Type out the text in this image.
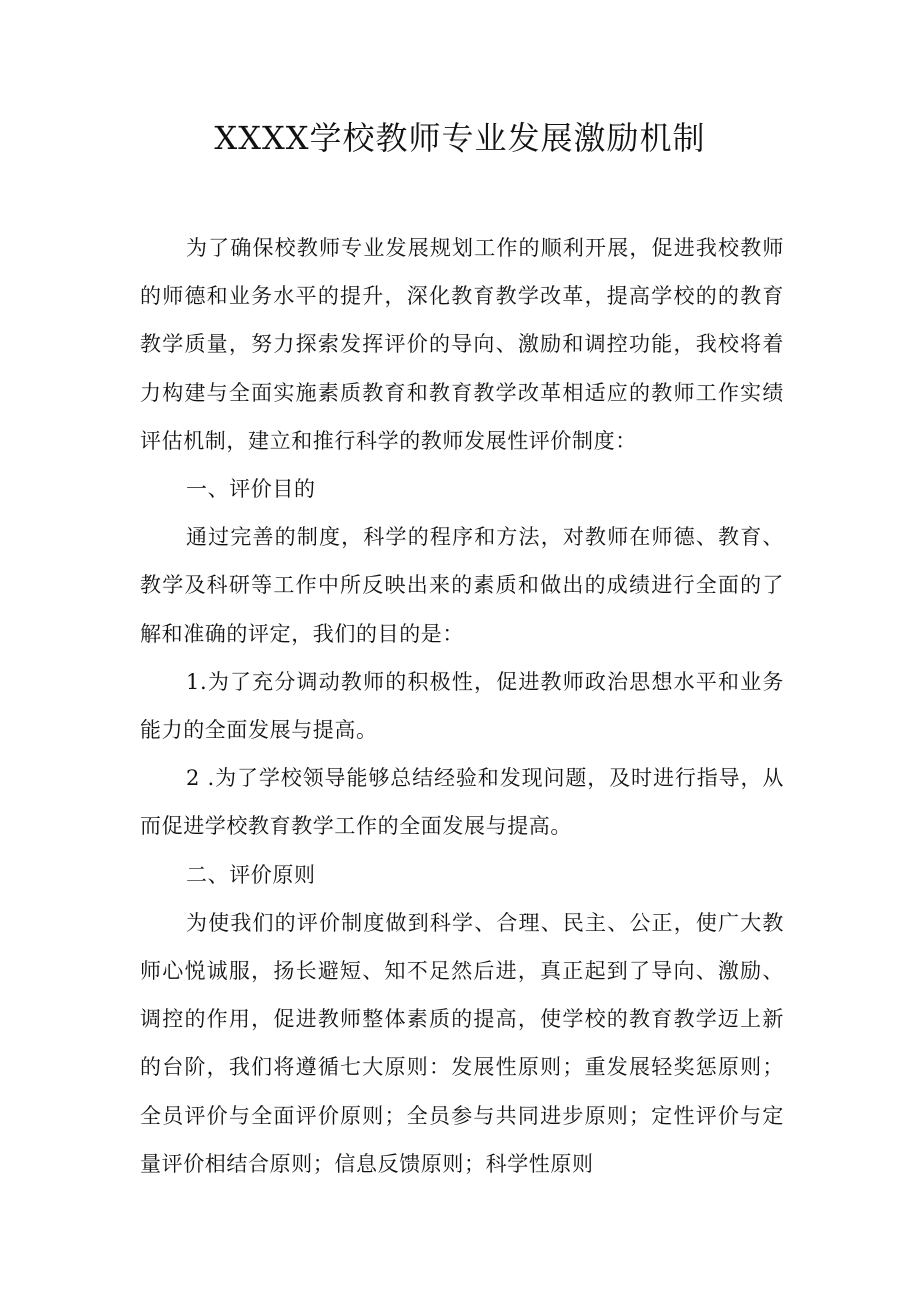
XXXX学校教师专业发展激励机制

为了确保校教师专业发展规划工作的顺利开展，促进我校教师的师德和业务水平的提升，深化教育教学改革，提高学校的的教育教学质量，努力探索发挥评价的导向、激励和调控功能，我校将着力构建与全面实施素质教育和教育教学改革相适应的教师工作实绩评估机制，建立和推行科学的教师发展性评价制度：

一、评价目的

通过完善的制度，科学的程序和方法，对教师在师德、教育、教学及科研等工作中所反映出来的素质和做出的成绩进行全面的了解和准确的评定，我们的目的是：

1.为了充分调动教师的积极性，促进教师政治思想水平和业务能力的全面发展与提高。

2 .为了学校领导能够总结经验和发现问题，及时进行指导，从而促进学校教育教学工作的全面发展与提高。

二、评价原则

为使我们的评价制度做到科学、合理、民主、公正，使广大教师心悦诚服，扬长避短、知不足然后进，真正起到了导向、激励、调控的作用，促进教师整体素质的提高，使学校的教育教学迈上新的台阶，我们将遵循七大原则：发展性原则；重发展轻奖惩原则；全员评价与全面评价原则；全员参与共同进步原则；定性评价与定量评价相结合原则；信息反馈原则；科学性原则
